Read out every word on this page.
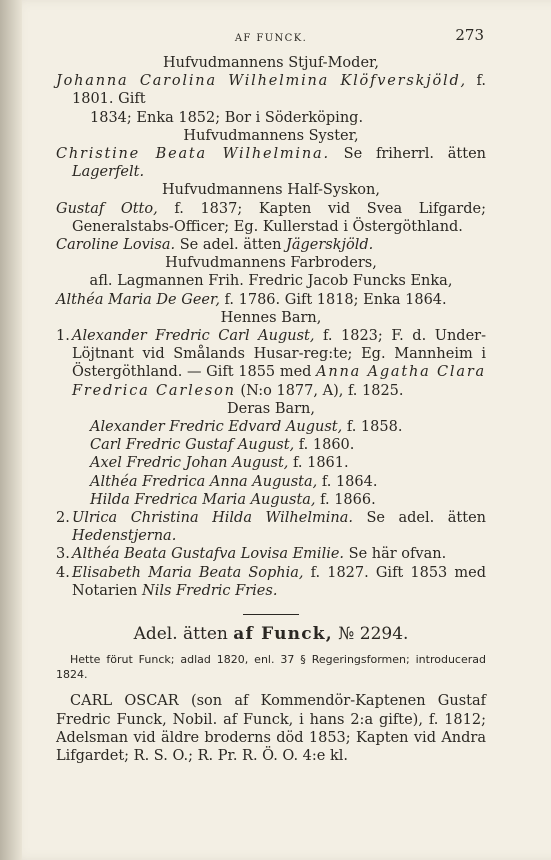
AF FUNCK.	273
Hufvudmannens Stjuf-Moder,
Johanna Carolina Wilhelmina Klöfverskjöld, f. 1801. Gift
1834; Enka 1852; Bor i Söderköping.
Hufvudmannens Syster,
Christine Beata Wilhelmina. Se friherrl. ätten Lagerfelt.
Hufvudmannens Half-Syskon,
Gustaf Otto, f. 1837; Kapten vid Svea Lifgarde; Generalstabs-Officer; Eg. Kullerstad i Östergöthland.
Caroline Lovisa. Se adel. ätten Jägerskjöld.
Hufvudmannens Farbroders,
afl. Lagmannen Frih. Fredric Jacob Funcks Enka,
Althéa Maria De Geer, f. 1786. Gift 1818; Enka 1864.
Hennes Barn,
1. Alexander Fredric Carl August, f. 1823; F. d. Under-Löjtnant vid Smålands Husar-reg:te; Eg. Mannheim i Östergöthland. — Gift 1855 med Anna Agatha Clara Fredrica Carleson (N:o 1877, A), f. 1825.
Deras Barn,
Alexander Fredric Edvard August, f. 1858.
Carl Fredric Gustaf August, f. 1860.
Axel Fredric Johan August, f. 1861.
Althéa Fredrica Anna Augusta, f. 1864.
Hilda Fredrica Maria Augusta, f. 1866.
2. Ulrica Christina Hilda Wilhelmina. Se adel. ätten Hedenstjerna.
3. Althéa Beata Gustafva Lovisa Emilie. Se här ofvan.
4. Elisabeth Maria Beata Sophia, f. 1827. Gift 1853 med Notarien Nils Fredric Fries.
Adel. ätten af Funck, № 2294.
Hette förut Funck; adlad 1820, enl. 37 § Regeringsformen; introducerad 1824.
CARL OSCAR (son af Kommendör-Kaptenen Gustaf Fredric Funck, Nobil. af Funck, i hans 2:a gifte), f. 1812; Adelsman vid äldre broderns död 1853; Kapten vid Andra Lifgardet; R. S. O.; R. Pr. R. Ö. O. 4:e kl.
